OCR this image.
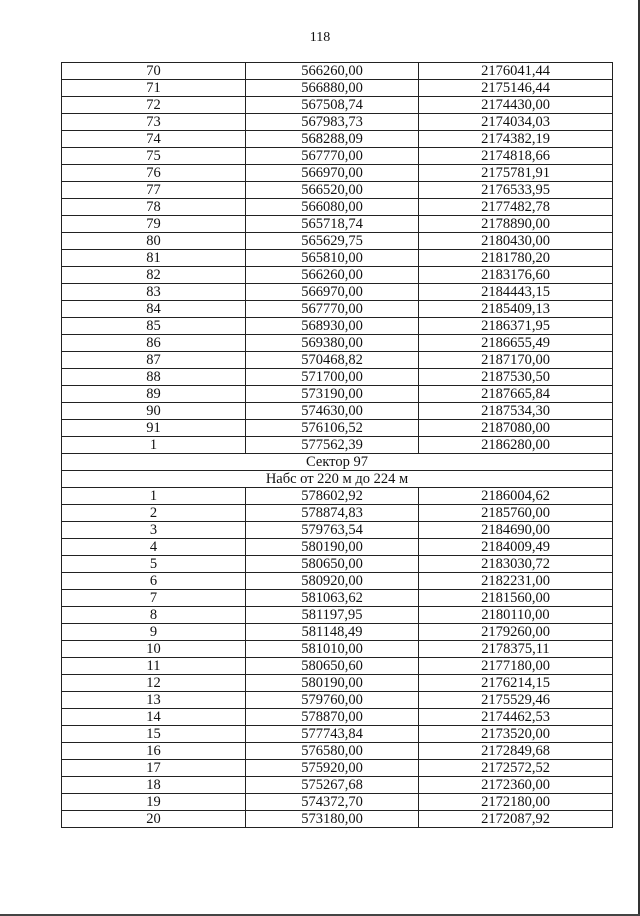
118
70	566260,00	2176041,44
71	566880,00	2175146,44
72	567508,74	2174430,00
73	567983,73	2174034,03
74	568288,09	2174382,19
75	567770,00	2174818,66
76	566970,00	2175781,91
77	566520,00	2176533,95
78	566080,00	2177482,78
79	565718,74	2178890,00
80	565629,75	2180430,00
81	565810,00	2181780,20
82	566260,00	2183176,60
83	566970,00	2184443,15
84	567770,00	2185409,13
85	568930,00	2186371,95
86	569380,00	2186655,49
87	570468,82	2187170,00
88	571700,00	2187530,50
89	573190,00	2187665,84
90	574630,00	2187534,30
91	576106,52	2187080,00
1	577562,39	2186280,00
Сектор 97		
Набс от 220 м до 224 м		
1	578602,92	2186004,62
2	578874,83	2185760,00
3	579763,54	2184690,00
4	580190,00	2184009,49
5	580650,00	2183030,72
6	580920,00	2182231,00
7	581063,62	2181560,00
8	581197,95	2180110,00
9	581148,49	2179260,00
10	581010,00	2178375,11
11	580650,60	2177180,00
12	580190,00	2176214,15
13	579760,00	2175529,46
14	578870,00	2174462,53
15	577743,84	2173520,00
16	576580,00	2172849,68
17	575920,00	2172572,52
18	575267,68	2172360,00
19	574372,70	2172180,00
20	573180,00	2172087,92
